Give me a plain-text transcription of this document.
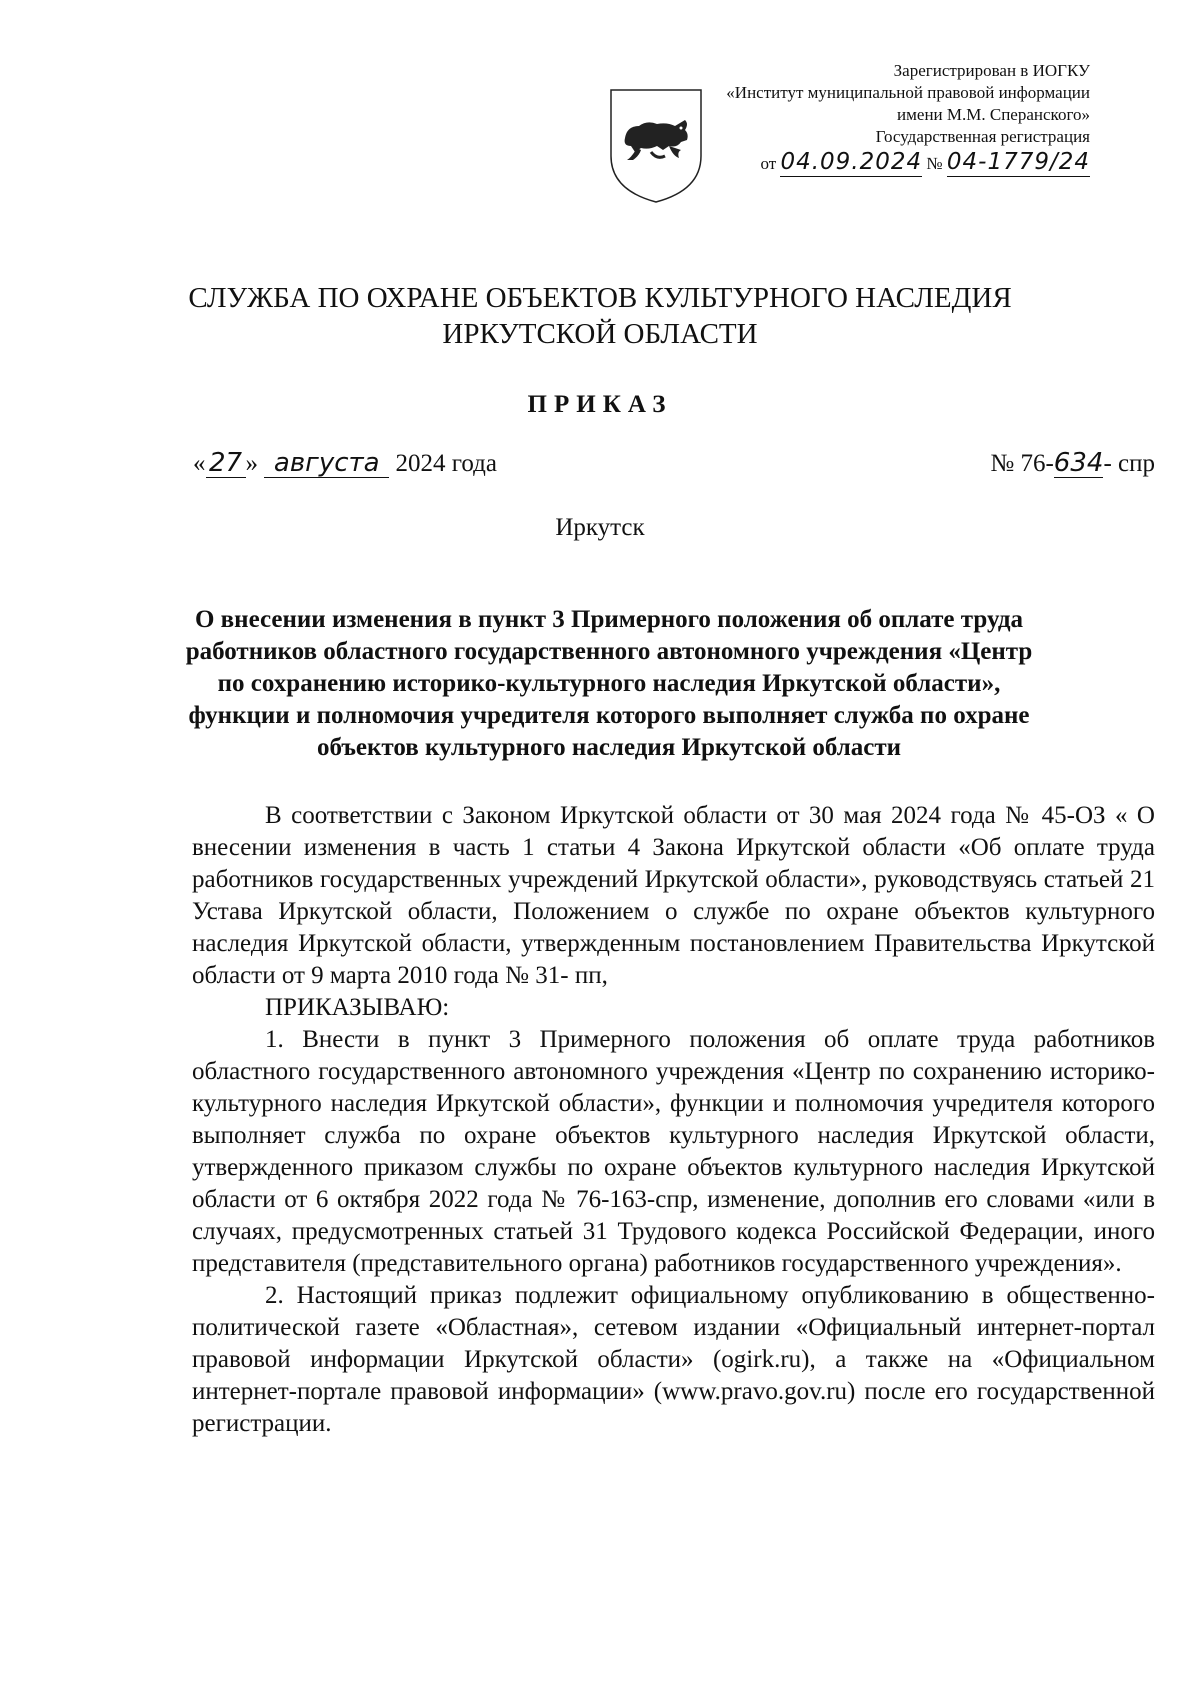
Зарегистрирован в ИОГКУ
«Институт муниципальной правовой информации
имени М.М. Сперанского»
Государственная регистрация
от 04.09.2024 № 04-1779/24
СЛУЖБА ПО ОХРАНЕ ОБЪЕКТОВ КУЛЬТУРНОГО НАСЛЕДИЯ
ИРКУТСКОЙ ОБЛАСТИ
ПРИКАЗ
« 27 » августа 2024 года	№ 76-634- спр
Иркутск
О внесении изменения в пункт 3 Примерного положения об оплате труда работников областного государственного автономного учреждения «Центр по сохранению историко-культурного наследия Иркутской области», функции и полномочия учредителя которого выполняет служба по охране объектов культурного наследия Иркутской области

В соответствии с Законом Иркутской области от 30 мая 2024 года № 45-ОЗ « О внесении изменения в часть 1 статьи 4 Закона Иркутской области «Об оплате труда работников государственных учреждений Иркутской области», руководствуясь статьей 21 Устава Иркутской области, Положением о службе по охране объектов культурного наследия Иркутской области, утвержденным постановлением Правительства Иркутской области от 9 марта 2010 года № 31- пп,

ПРИКАЗЫВАЮ:

1. Внести в пункт 3 Примерного положения об оплате труда работников областного государственного автономного учреждения «Центр по сохранению историко-культурного наследия Иркутской области», функции и полномочия учредителя которого выполняет служба по охране объектов культурного наследия Иркутской области, утвержденного приказом службы по охране объектов культурного наследия Иркутской области от 6 октября 2022 года № 76-163-спр, изменение, дополнив его словами «или в случаях, предусмотренных статьей 31 Трудового кодекса Российской Федерации, иного представителя (представительного органа) работников государственного учреждения».

2. Настоящий приказ подлежит официальному опубликованию в общественно-политической газете «Областная», сетевом издании «Официальный интернет-портал правовой информации Иркутской области» (ogirk.ru), а также на «Официальном интернет-портале правовой информации» (www.pravo.gov.ru) после его государственной регистрации.
